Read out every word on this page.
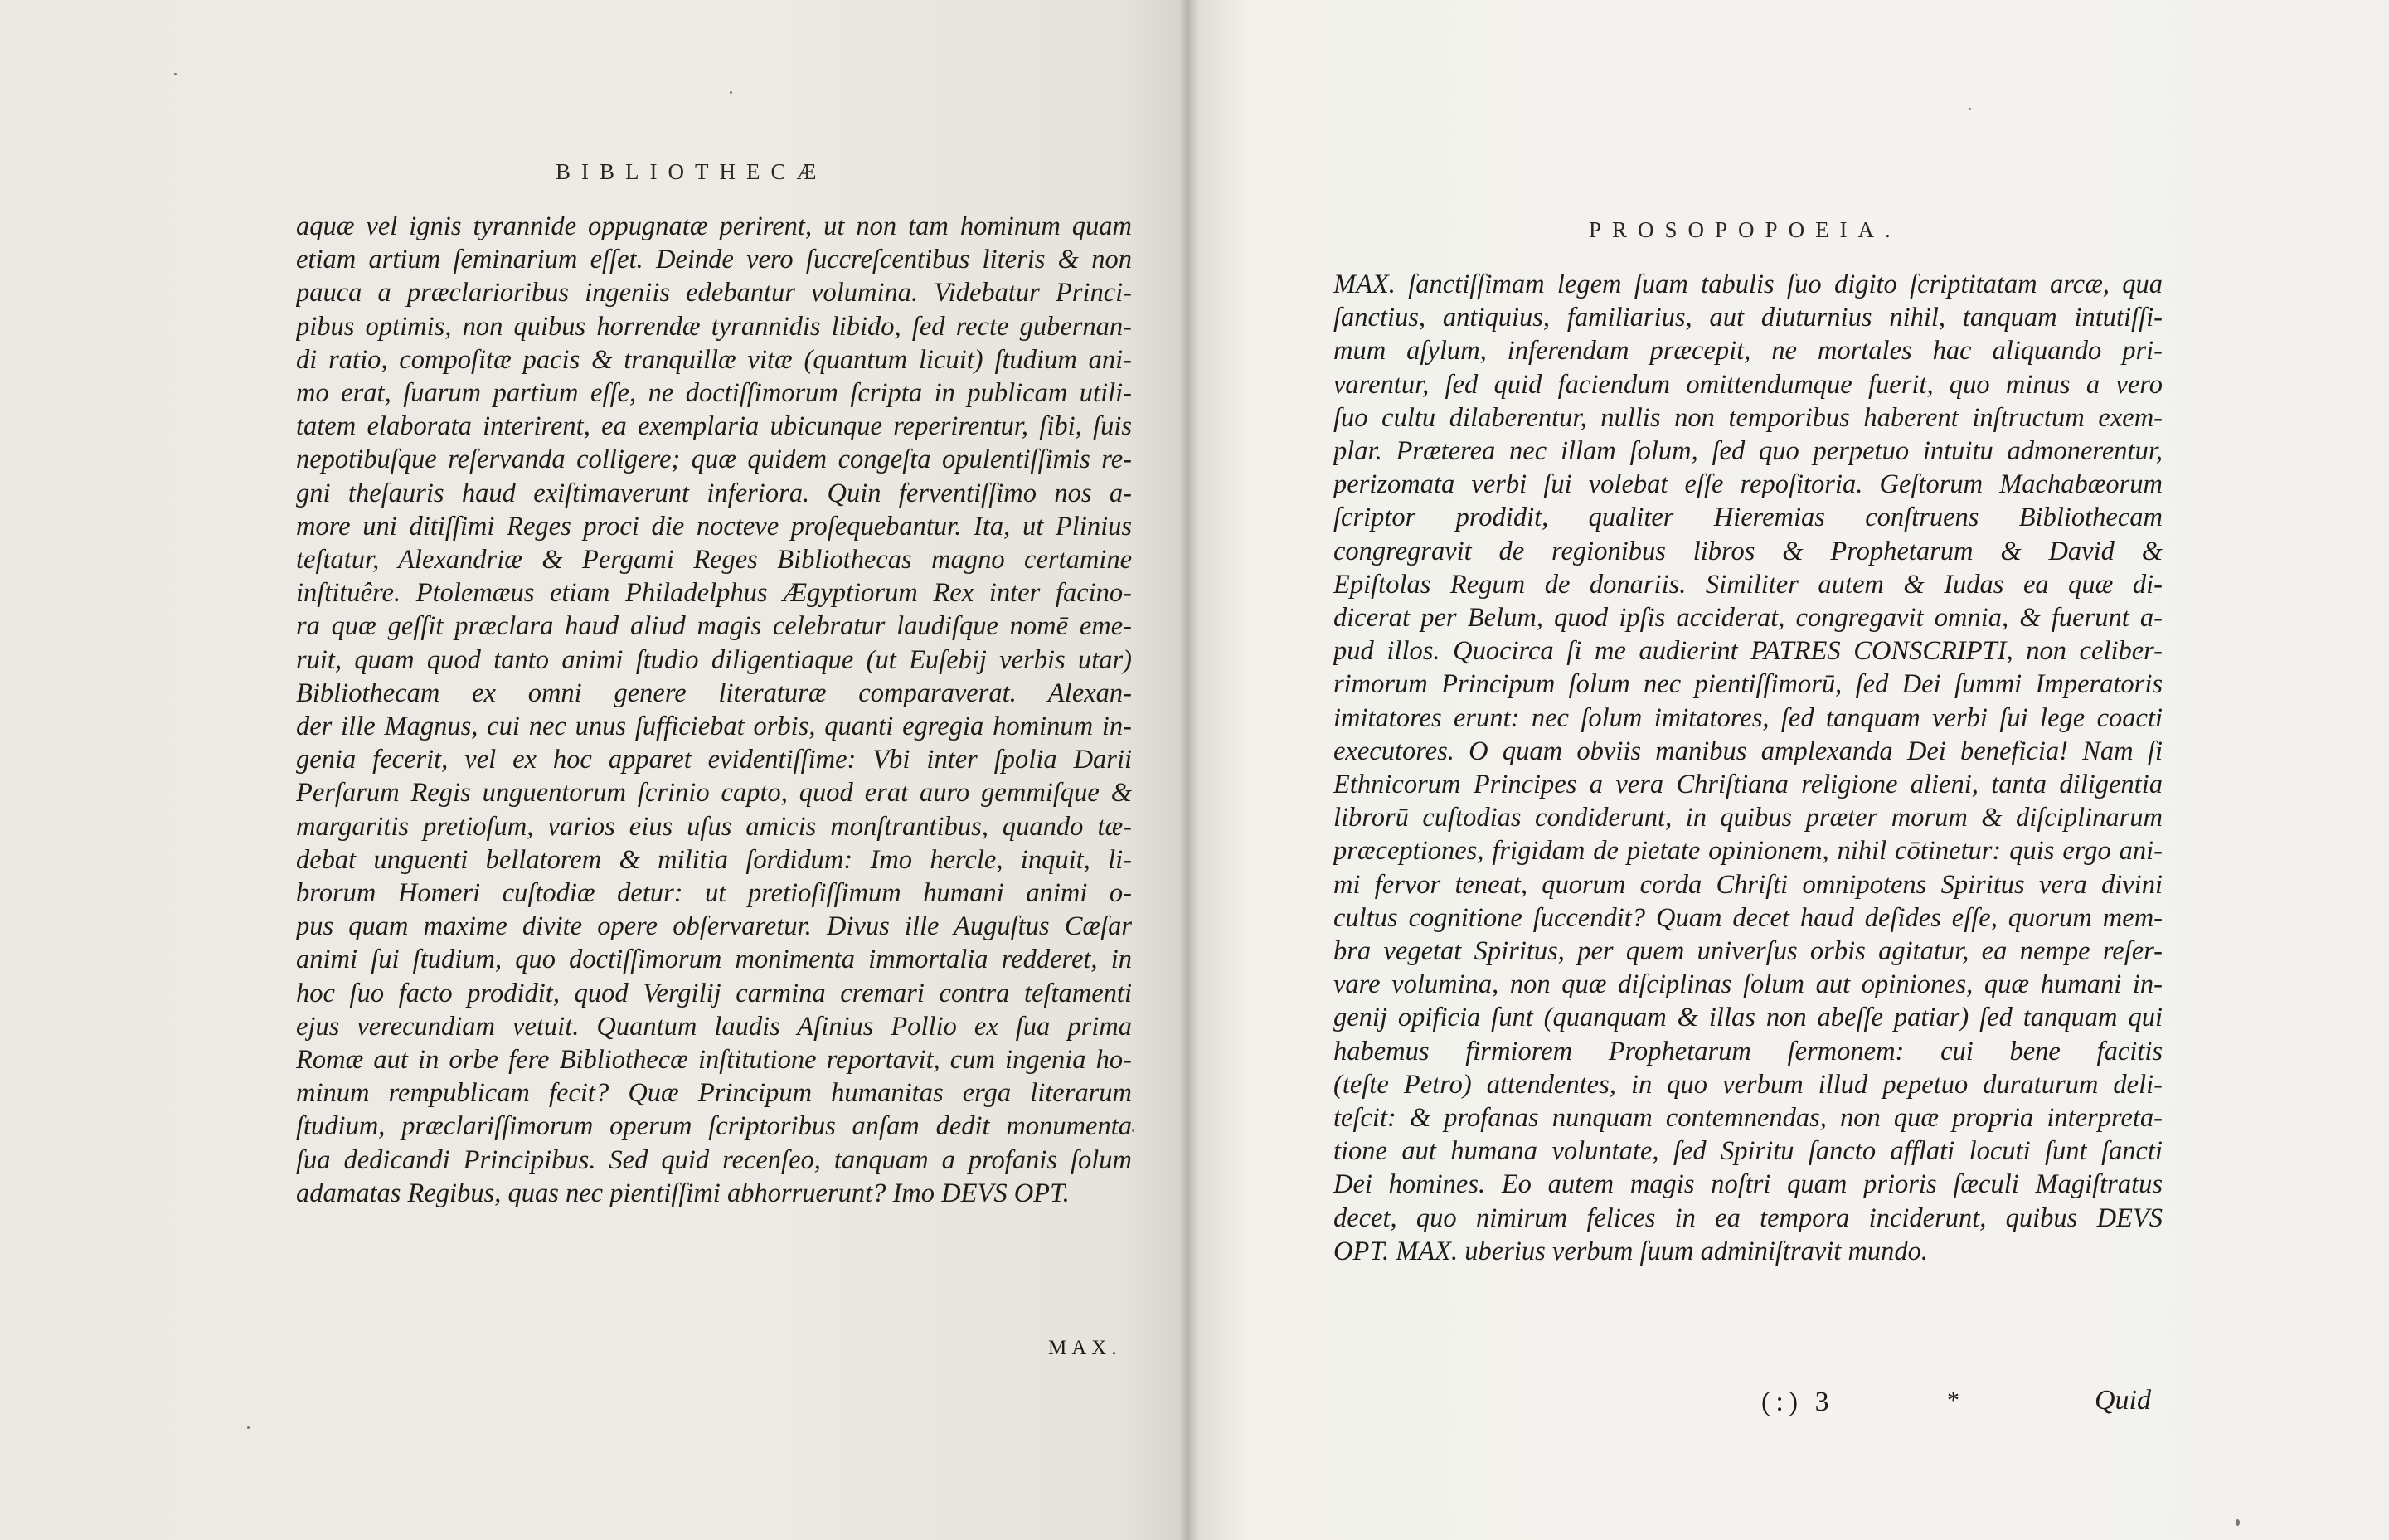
BIBLIOTHECÆ
aquæ vel ignis tyrannide oppugnatæ perirent, ut non tam hominum quam
etiam artium ſeminarium eſſet. Deinde vero ſuccreſcentibus literis & non
pauca a præclarioribus ingeniis edebantur volumina. Videbatur Princi-
pibus optimis, non quibus horrendæ tyrannidis libido, ſed recte gubernan-
di ratio, compoſitæ pacis & tranquillæ vitæ (quantum licuit) ſtudium ani-
mo erat, ſuarum partium eſſe, ne doctiſſimorum ſcripta in publicam utili-
tatem elaborata interirent, ea exemplaria ubicunque reperirentur, ſibi, ſuis
nepotibuſque reſervanda colligere; quæ quidem congeſta opulentiſſimis re-
gni theſauris haud exiſtimaverunt inferiora. Quin ferventiſſimo nos a-
more uni ditiſſimi Reges proci die nocteve proſequebantur. Ita, ut Plinius
teſtatur, Alexandriæ & Pergami Reges Bibliothecas magno certamine
inſtituêre. Ptolemæus etiam Philadelphus Ægyptiorum Rex inter facino-
ra quæ geſſit præclara haud aliud magis celebratur laudiſque nomē eme-
ruit, quam quod tanto animi ſtudio diligentiaque (ut Euſebij verbis utar)
Bibliothecam ex omni genere literaturæ comparaverat. Alexan-
der ille Magnus, cui nec unus ſufficiebat orbis, quanti egregia hominum in-
genia fecerit, vel ex hoc apparet evidentiſſime: Vbi inter ſpolia Darii
Perſarum Regis unguentorum ſcrinio capto, quod erat auro gemmiſque &
margaritis pretioſum, varios eius uſus amicis monſtrantibus, quando tæ-
debat unguenti bellatorem & militia ſordidum: Imo hercle, inquit, li-
brorum Homeri cuſtodiæ detur: ut pretioſiſſimum humani animi o-
pus quam maxime divite opere obſervaretur. Divus ille Auguſtus Cæſar
animi ſui ſtudium, quo doctiſſimorum monimenta immortalia redderet, in
hoc ſuo facto prodidit, quod Vergilij carmina cremari contra teſtamenti
ejus verecundiam vetuit. Quantum laudis Aſinius Pollio ex ſua prima
Romæ aut in orbe fere Bibliothecæ inſtitutione reportavit, cum ingenia ho-
minum rempublicam fecit? Quæ Principum humanitas erga literarum
ſtudium, præclariſſimorum operum ſcriptoribus anſam dedit monumenta
ſua dedicandi Principibus. Sed quid recenſeo, tanquam a profanis ſolum
adamatas Regibus, quas nec pientiſſimi abhorruerunt? Imo DEVS OPT.
MAX.
PROSOPOPOEIA.
MAX. ſanctiſſimam legem ſuam tabulis ſuo digito ſcriptitatam arcæ, qua
ſanctius, antiquius, familiarius, aut diuturnius nihil, tanquam intutiſſi-
mum aſylum, inferendam præcepit, ne mortales hac aliquando pri-
varentur, ſed quid faciendum omittendumque fuerit, quo minus a vero
ſuo cultu dilaberentur, nullis non temporibus haberent inſtructum exem-
plar. Præterea nec illam ſolum, ſed quo perpetuo intuitu admonerentur,
perizomata verbi ſui volebat eſſe repoſitoria. Geſtorum Machabæorum
ſcriptor prodidit, qualiter Hieremias conſtruens Bibliothecam
congregravit de regionibus libros & Prophetarum & David &
Epiſtolas Regum de donariis. Similiter autem & Iudas ea quæ di-
dicerat per Belum, quod ipſis acciderat, congregavit omnia, & fuerunt a-
pud illos. Quocirca ſi me audierint PATRES CONSCRIPTI, non celiber-
rimorum Principum ſolum nec pientiſſimorū, ſed Dei ſummi Imperatoris
imitatores erunt: nec ſolum imitatores, ſed tanquam verbi ſui lege coacti
executores. O quam obviis manibus amplexanda Dei beneficia! Nam ſi
Ethnicorum Principes a vera Chriſtiana religione alieni, tanta diligentia
librorū cuſtodias condiderunt, in quibus præter morum & diſciplinarum
præceptiones, frigidam de pietate opinionem, nihil cōtinetur: quis ergo ani-
mi fervor teneat, quorum corda Chriſti omnipotens Spiritus vera divini
cultus cognitione ſuccendit? Quam decet haud deſides eſſe, quorum mem-
bra vegetat Spiritus, per quem univerſus orbis agitatur, ea nempe reſer-
vare volumina, non quæ diſciplinas ſolum aut opiniones, quæ humani in-
genij opificia ſunt (quanquam & illas non abeſſe patiar) ſed tanquam qui
habemus firmiorem Prophetarum ſermonem: cui bene facitis
(teſte Petro) attendentes, in quo verbum illud pepetuo duraturum deli-
teſcit: & profanas nunquam contemnendas, non quæ propria interpreta-
tione aut humana voluntate, ſed Spiritu ſancto afflati locuti ſunt ſancti
Dei homines. Eo autem magis noſtri quam prioris ſæculi Magiſtratus
decet, quo nimirum felices in ea tempora inciderunt, quibus DEVS
OPT. MAX. uberius verbum ſuum adminiſtravit mundo.
(:) 3	*	Quid
